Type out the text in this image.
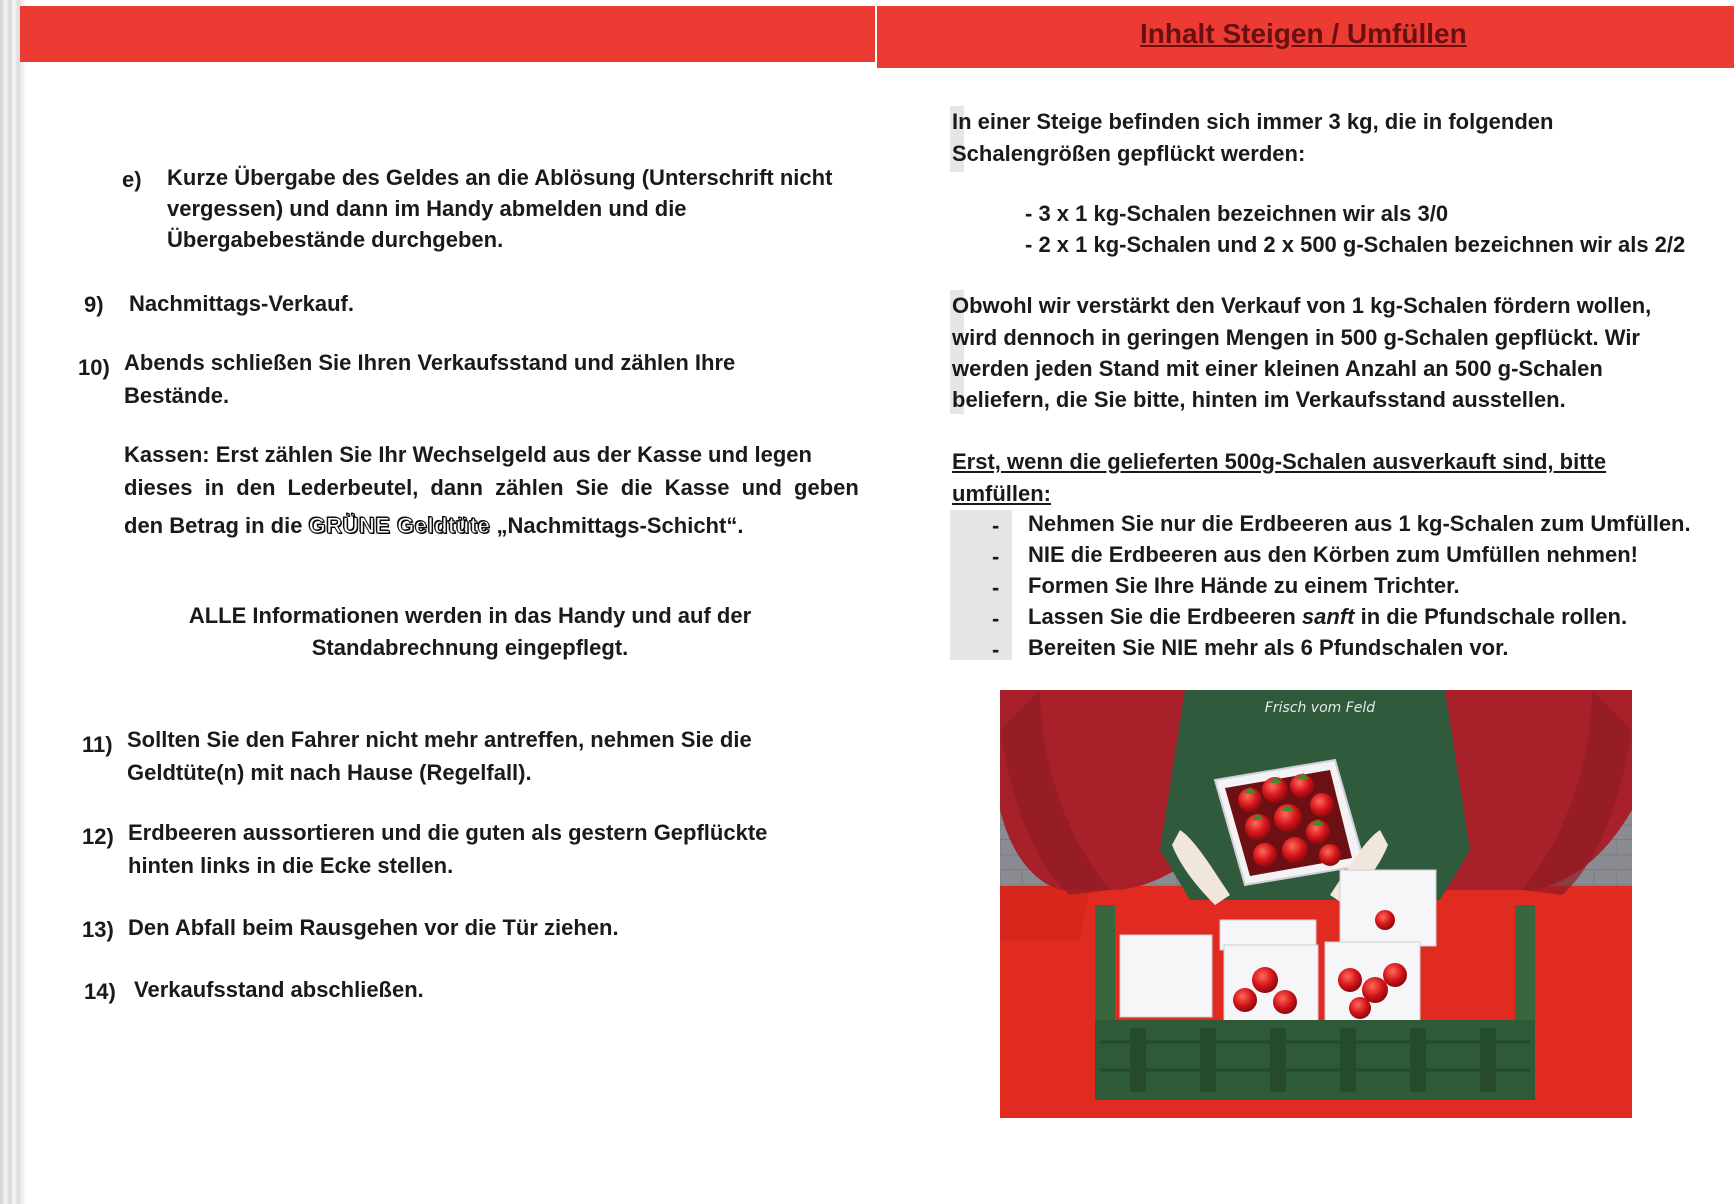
Inhalt Steigen / Umfüllen
e) Kurze Übergabe des Geldes an die Ablösung (Unterschrift nicht
vergessen) und dann im Handy abmelden und die
Übergabebestände durchgeben.
9) Nachmittags-Verkauf.
10) Abends schließen Sie Ihren Verkaufsstand und zählen Ihre
Bestände.
Kassen: Erst zählen Sie Ihr Wechselgeld aus der Kasse und legen
dieses in den Lederbeutel, dann zählen Sie die Kasse und geben
den Betrag in die GRÜNE Geldtüte „Nachmittags-Schicht“.
ALLE Informationen werden in das Handy und auf der
Standabrechnung eingepflegt.
11) Sollten Sie den Fahrer nicht mehr antreffen, nehmen Sie die
Geldtüte(n) mit nach Hause (Regelfall).
12) Erdbeeren aussortieren und die guten als gestern Gepflückte
hinten links in die Ecke stellen.
13) Den Abfall beim Rausgehen vor die Tür ziehen.
14) Verkaufsstand abschließen.
In einer Steige befinden sich immer 3 kg, die in folgenden
Schalengrößen gepflückt werden:
- 3 x 1 kg-Schalen bezeichnen wir als 3/0
- 2 x 1 kg-Schalen und 2 x 500 g-Schalen bezeichnen wir als 2/2
Obwohl wir verstärkt den Verkauf von 1 kg-Schalen fördern wollen,
wird dennoch in geringen Mengen in 500 g-Schalen gepflückt. Wir
werden jeden Stand mit einer kleinen Anzahl an 500 g-Schalen
beliefern, die Sie bitte, hinten im Verkaufsstand ausstellen.
Erst, wenn die gelieferten 500g-Schalen ausverkauft sind, bitte
umfüllen:
- Nehmen Sie nur die Erdbeeren aus 1 kg-Schalen zum Umfüllen.
- NIE die Erdbeeren aus den Körben zum Umfüllen nehmen!
- Formen Sie Ihre Hände zu einem Trichter.
- Lassen Sie die Erdbeeren sanft in die Pfundschale rollen.
- Bereiten Sie NIE mehr als 6 Pfundschalen vor.
Frisch vom Feld
